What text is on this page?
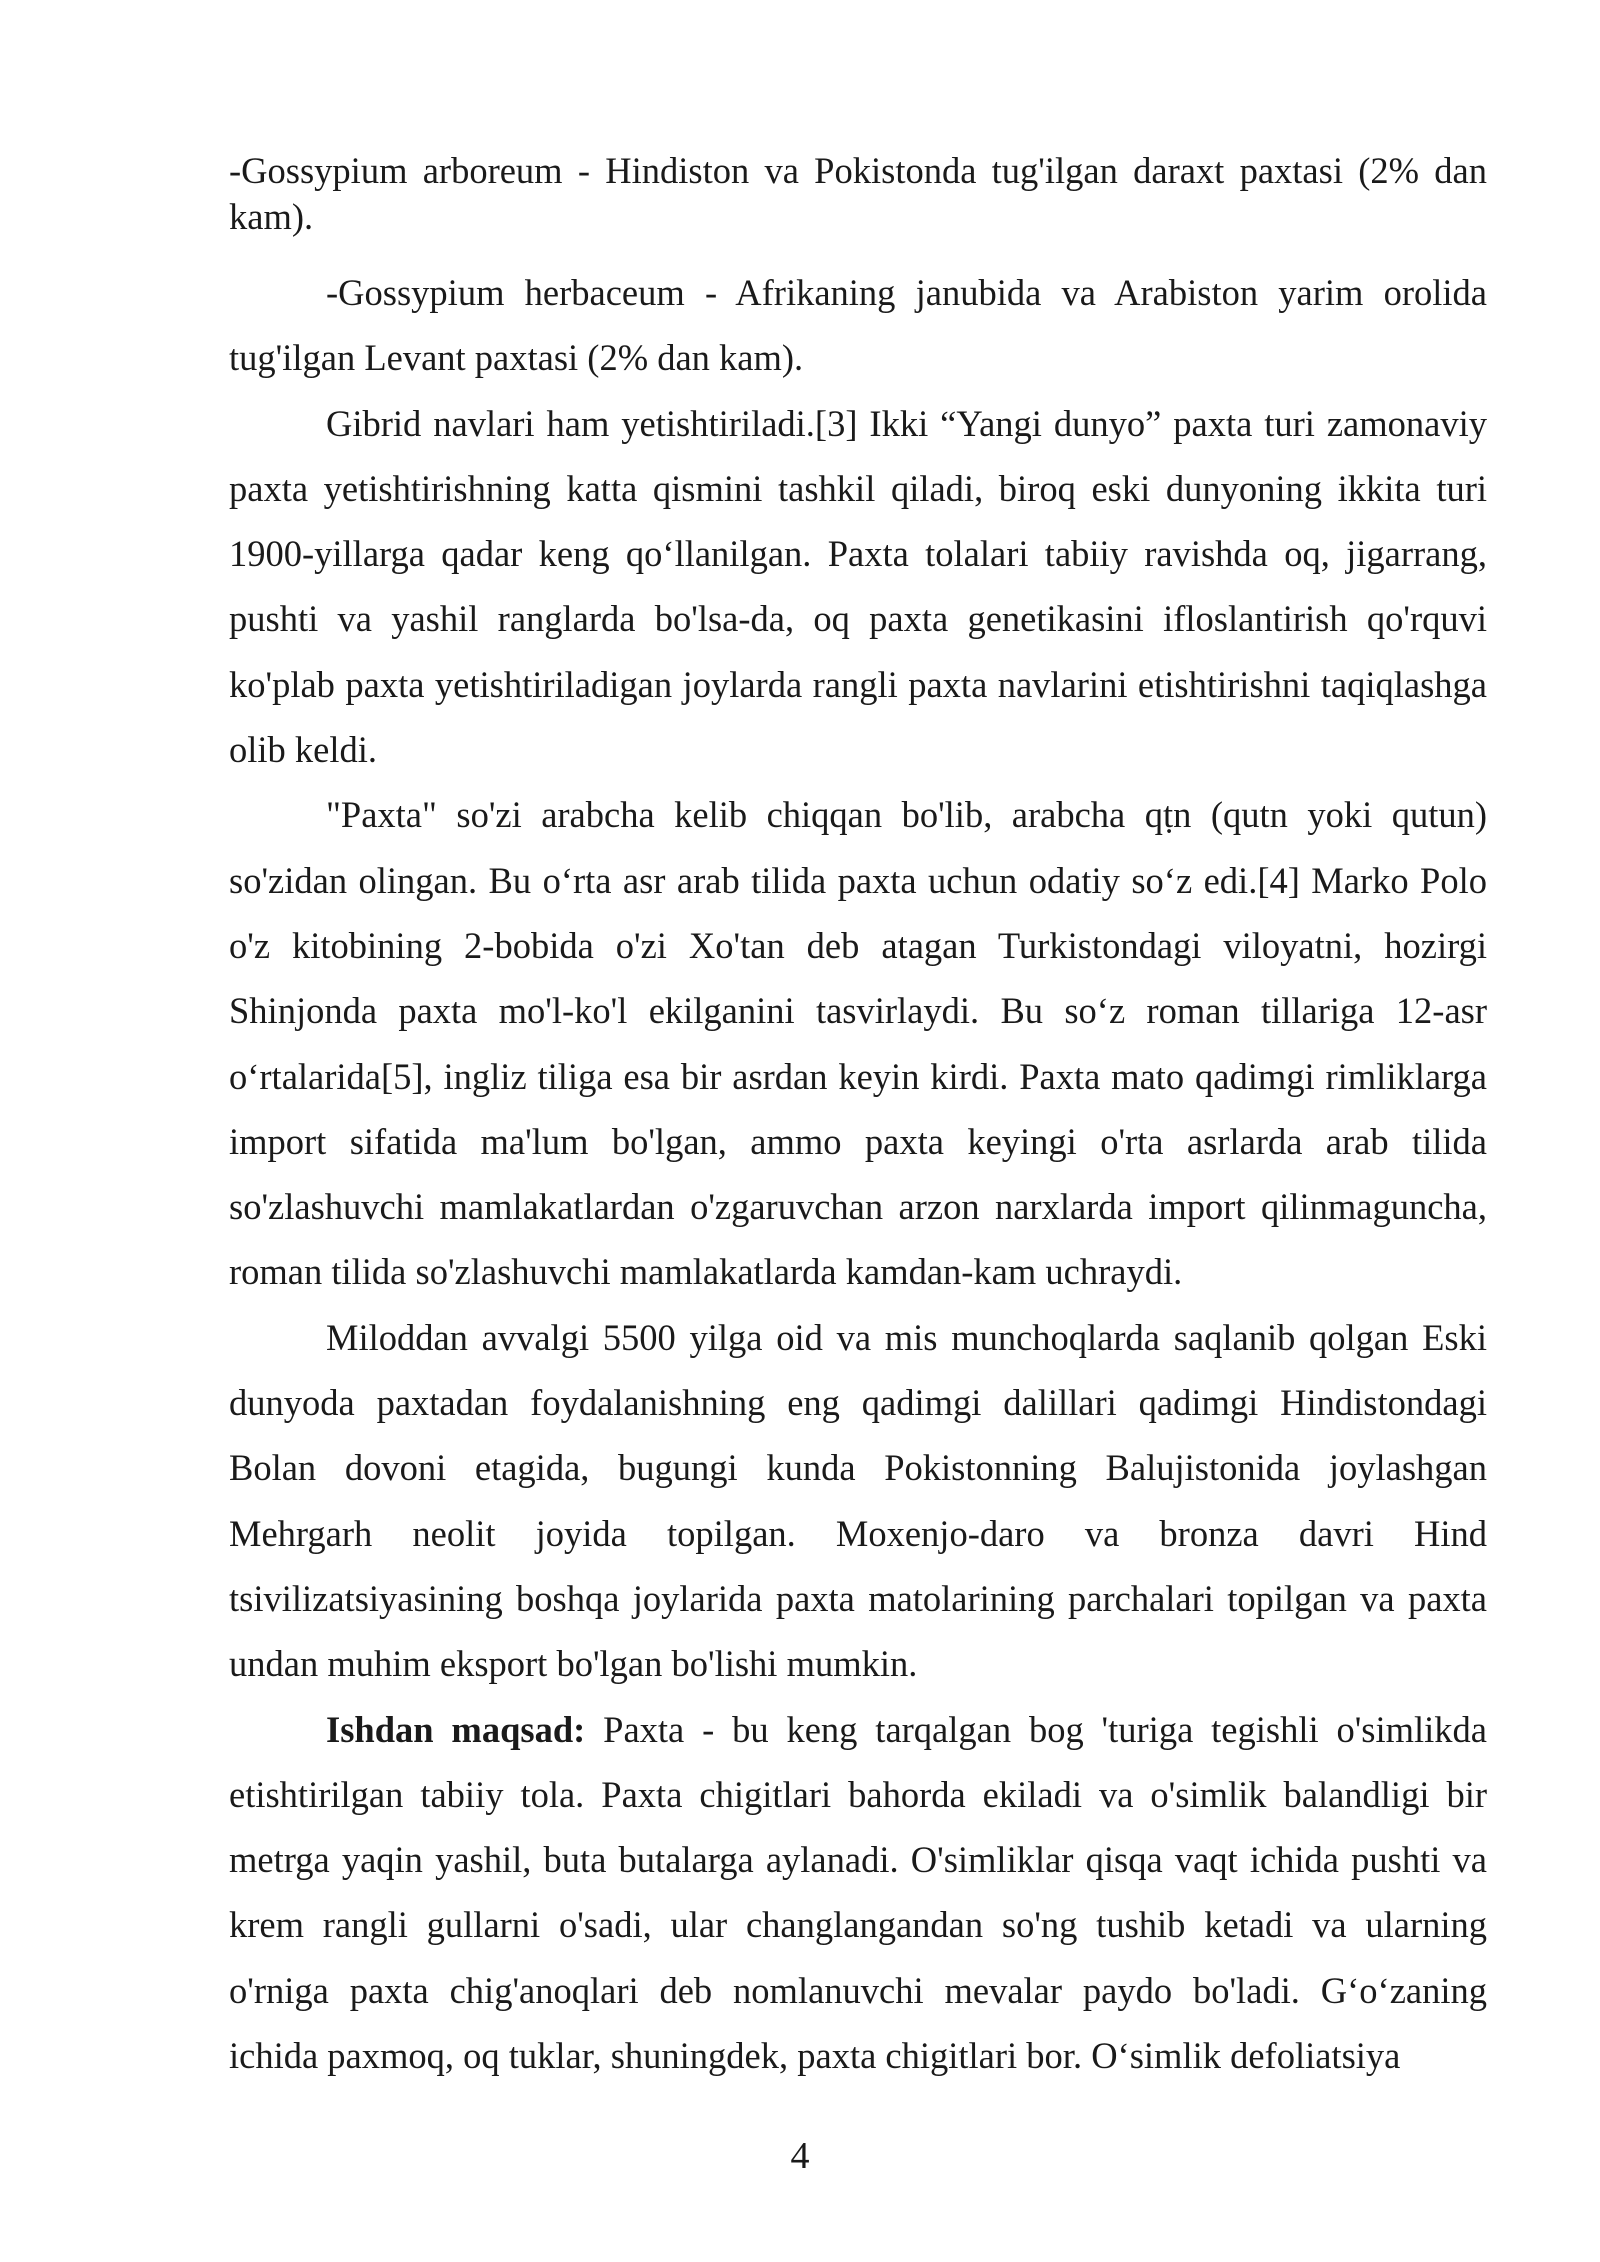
-Gossypium arboreum - Hindiston va Pokistonda tug'ilgan daraxt paxtasi (2% dan kam).

-Gossypium herbaceum - Afrikaning janubida va Arabiston yarim orolida tug'ilgan Levant paxtasi (2% dan kam).

Gibrid navlari ham yetishtiriladi.[3] Ikki “Yangi dunyo” paxta turi zamonaviy paxta yetishtirishning katta qismini tashkil qiladi, biroq eski dunyoning ikkita turi 1900-yillarga qadar keng qo‘llanilgan. Paxta tolalari tabiiy ravishda oq, jigarrang, pushti va yashil ranglarda bo'lsa-da, oq paxta genetikasini ifloslantirish qo'rquvi ko'plab paxta yetishtiriladigan joylarda rangli paxta navlarini etishtirishni taqiqlashga olib keldi.

"Paxta" so'zi arabcha kelib chiqqan bo'lib, arabcha qṭn (qutn yoki qutun) so'zidan olingan. Bu o‘rta asr arab tilida paxta uchun odatiy so‘z edi.[4] Marko Polo o'z kitobining 2-bobida o'zi Xo'tan deb atagan Turkistondagi viloyatni, hozirgi Shinjonda paxta mo'l-ko'l ekilganini tasvirlaydi. Bu so‘z roman tillariga 12-asr o‘rtalarida[5], ingliz tiliga esa bir asrdan keyin kirdi. Paxta mato qadimgi rimliklarga import sifatida ma'lum bo'lgan, ammo paxta keyingi o'rta asrlarda arab tilida so'zlashuvchi mamlakatlardan o'zgaruvchan arzon narxlarda import qilinmaguncha, roman tilida so'zlashuvchi mamlakatlarda kamdan-kam uchraydi.

Miloddan avvalgi 5500 yilga oid va mis munchoqlarda saqlanib qolgan Eski dunyoda paxtadan foydalanishning eng qadimgi dalillari qadimgi Hindistondagi Bolan dovoni etagida, bugungi kunda Pokistonning Balujistonida joylashgan Mehrgarh neolit joyida topilgan. Moxenjo-daro va bronza davri Hind tsivilizatsiyasining boshqa joylarida paxta matolarining parchalari topilgan va paxta undan muhim eksport bo'lgan bo'lishi mumkin.

Ishdan maqsad: Paxta - bu keng tarqalgan bog 'turiga tegishli o'simlikda etishtirilgan tabiiy tola. Paxta chigitlari bahorda ekiladi va o'simlik balandligi bir metrga yaqin yashil, buta butalarga aylanadi. O'simliklar qisqa vaqt ichida pushti va krem rangli gullarni o'sadi, ular changlangandan so'ng tushib ketadi va ularning o'rniga paxta chig'anoqlari deb nomlanuvchi mevalar paydo bo'ladi. G‘o‘zaning ichida paxmoq, oq tuklar, shuningdek, paxta chigitlari bor. O‘simlik defoliatsiya

4
